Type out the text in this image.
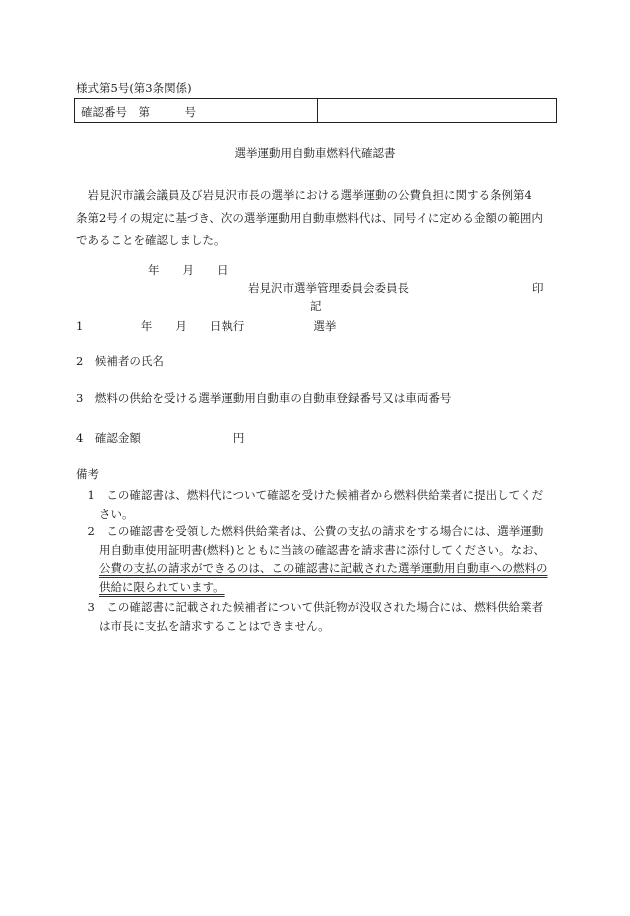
様式第5号(第3条関係)
確認番号　第　　　号
選挙運動用自動車燃料代確認書
　岩見沢市議会議員及び岩見沢市長の選挙における選挙運動の公費負担に関する条例第4
条第2号イの規定に基づき、次の選挙運動用自動車燃料代は、同号イに定める金額の範囲内
であることを確認しました。
年　　月　　日
岩見沢市選挙管理委員会委員長	印
記
1　　　　　年　　月　　日執行　　　　　　選挙
2　候補者の氏名
3　燃料の供給を受ける選挙運動用自動車の自動車登録番号又は車両番号
4　確認金額　　　　　　　　円
備考
　1　この確認書は、燃料代について確認を受けた候補者から燃料供給業者に提出してくだ
　　さい。
　2　この確認書を受領した燃料供給業者は、公費の支払の請求をする場合には、選挙運動
　　用自動車使用証明書(燃料)とともに当該の確認書を請求書に添付してください。なお、
　　公費の支払の請求ができるのは、この確認書に記載された選挙運動用自動車への燃料の
　　供給に限られています。
　3　この確認書に記載された候補者について供託物が没収された場合には、燃料供給業者
　　は市長に支払を請求することはできません。
